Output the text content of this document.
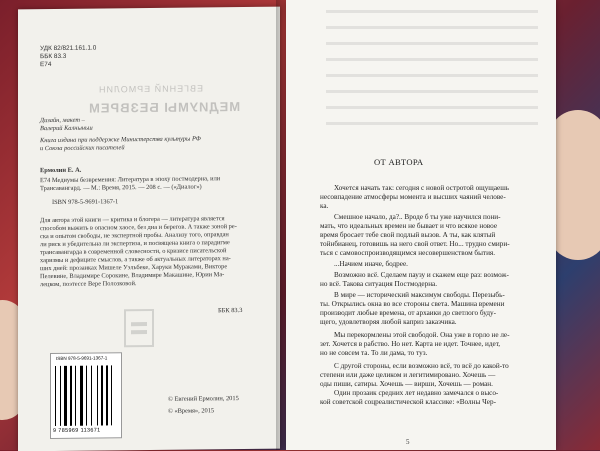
ЕВГЕНИЙ ЕРМОЛИН
МЕДИУМЫ БЕЗВРЕМ
УДК 82/821.161.1.0
ББК 83.3
Е74
Дизайн, макет –
Валерий Калныньш
Книга издана при поддержке Министерства культуры РФ
и Союза российских писателей
Ермолин Е. А.
Е74 Медиумы безвремения: Литература в эпоху постмодерна, или
Трансавангард. — М.: Время, 2015. — 208 с. — («Диалог»)
ISBN 978-5-9691-1367-1
Для автора этой книги — критика и блогера — литература является
способом выжить в опасном хаосе, без дна и берегов. А также зоной ре-
ска и опытом свободы, не экспертной пробы. Анализу того, оправдан
ли риск и убедительна ли экспертиза, и посвящена книга о парадигме
трансавангарда в современной словесности, о кризисе писательской
харизмы и дефиците смыслов, а также об актуальных литераторах на-
ших дней: прозаиках Мишеле Уэльбеке, Харуки Мураками, Викторе
Пелевине, Владимире Сорокине, Владимире Макашине, Юрии Ма-
лецком, поэтессе Вере Полозковой.
ББК 83.3
ISBN 978-5-9691-1367-1
9 785969 113671
© Евгений Ермолин, 2015
© «Время», 2015
ОТ АВТОРА
Хочется начать так: сегодня с новой остротой ощущаешь
несовпадение атмосферы момента и высших чаяний челове-
ка.
Смешное начало, да?.. Вроде б ты уже научился пони-
мать, что идеальных времен не бывает и что всякое новое
время бросает тебе свой подлый вызов. А ты, как клятый
тойнбианец, готовишь на него свой ответ. Но... трудно смири-
ться с самовоспроизводящимся несовершенством бытия.
...Начием иначе, бодрее.
Возможно всё. Сделаем паузу и скажем еще раз: возмож-
но всё. Такова ситуация Постмодерна.
В мире — исторический максимум свободы. Перезыбь-
ты. Открылись окна во все стороны света. Машина времени
производит любые времена, от архаики до светлого буду-
щего, удовлетворяя любой каприз заказчика.
Мы перекормлены этой свободой. Она уже в горло не ле-
зет. Хочется в рабство. Но нет. Карта не идет. Точнее, идет,
но не совсем та. То ли дама, то туз.
С другой стороны, если возможно всё, то всё до какой-то
степени или даже целиком и легитимировано. Хочешь —
оды пиши, сатиры. Хочешь — вирши, Хочешь — роман.
Один прозаик средних лет недавно замечался о высо-
кой советской соцреалистической классике: «Волны Чер-
5
